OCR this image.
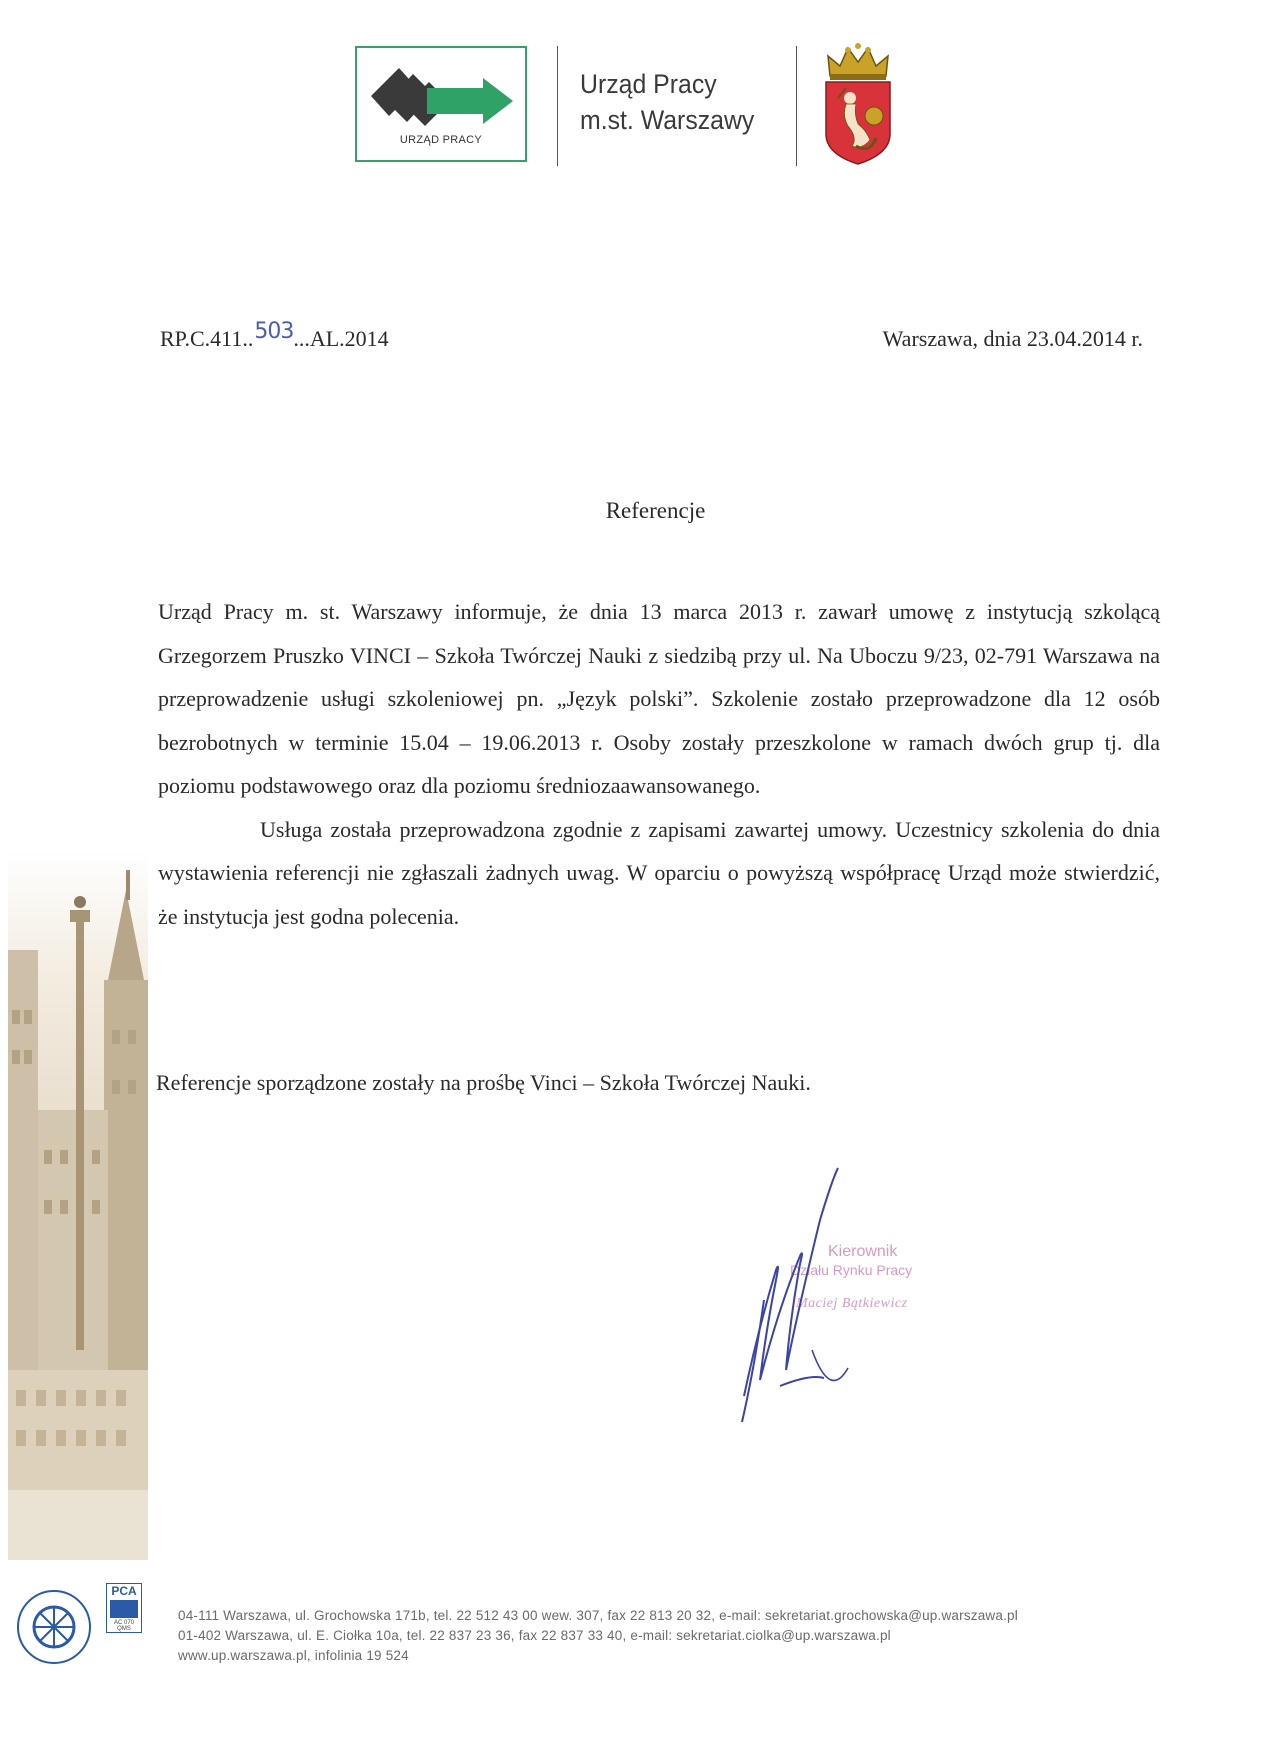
URZĄD PRACY
Urząd Pracy
m.st. Warszawy
RP.C.411..503...AL.2014	Warszawa, dnia 23.04.2014 r.
Referencje

Urząd Pracy m. st. Warszawy informuje, że dnia 13 marca 2013 r. zawarł umowę z instytucją szkolącą Grzegorzem Pruszko VINCI – Szkoła Twórczej Nauki z siedzibą przy ul. Na Uboczu 9/23, 02-791 Warszawa na przeprowadzenie usługi szkoleniowej pn. „Język polski”. Szkolenie zostało przeprowadzone dla 12 osób bezrobotnych w terminie 15.04 – 19.06.2013 r. Osoby zostały przeszkolone w ramach dwóch grup tj. dla poziomu podstawowego oraz dla poziomu średniozaawansowanego.

Usługa została przeprowadzona zgodnie z zapisami zawartej umowy. Uczestnicy szkolenia do dnia wystawienia referencji nie zgłaszali żadnych uwag. W oparciu o powyższą współpracę Urząd może stwierdzić, że instytucja jest godna polecenia.

Referencje sporządzone zostały na prośbę Vinci – Szkoła Twórczej Nauki.
Kierownik
Działu Rynku Pracy
Maciej Bątkiewicz
PCA
AC 070
QMS
04-111 Warszawa, ul. Grochowska 171b, tel. 22 512 43 00 wew. 307, fax 22 813 20 32, e-mail: sekretariat.grochowska@up.warszawa.pl
01-402 Warszawa, ul. E. Ciołka 10a, tel. 22 837 23 36, fax 22 837 33 40, e-mail: sekretariat.ciolka@up.warszawa.pl
www.up.warszawa.pl, infolinia 19 524
